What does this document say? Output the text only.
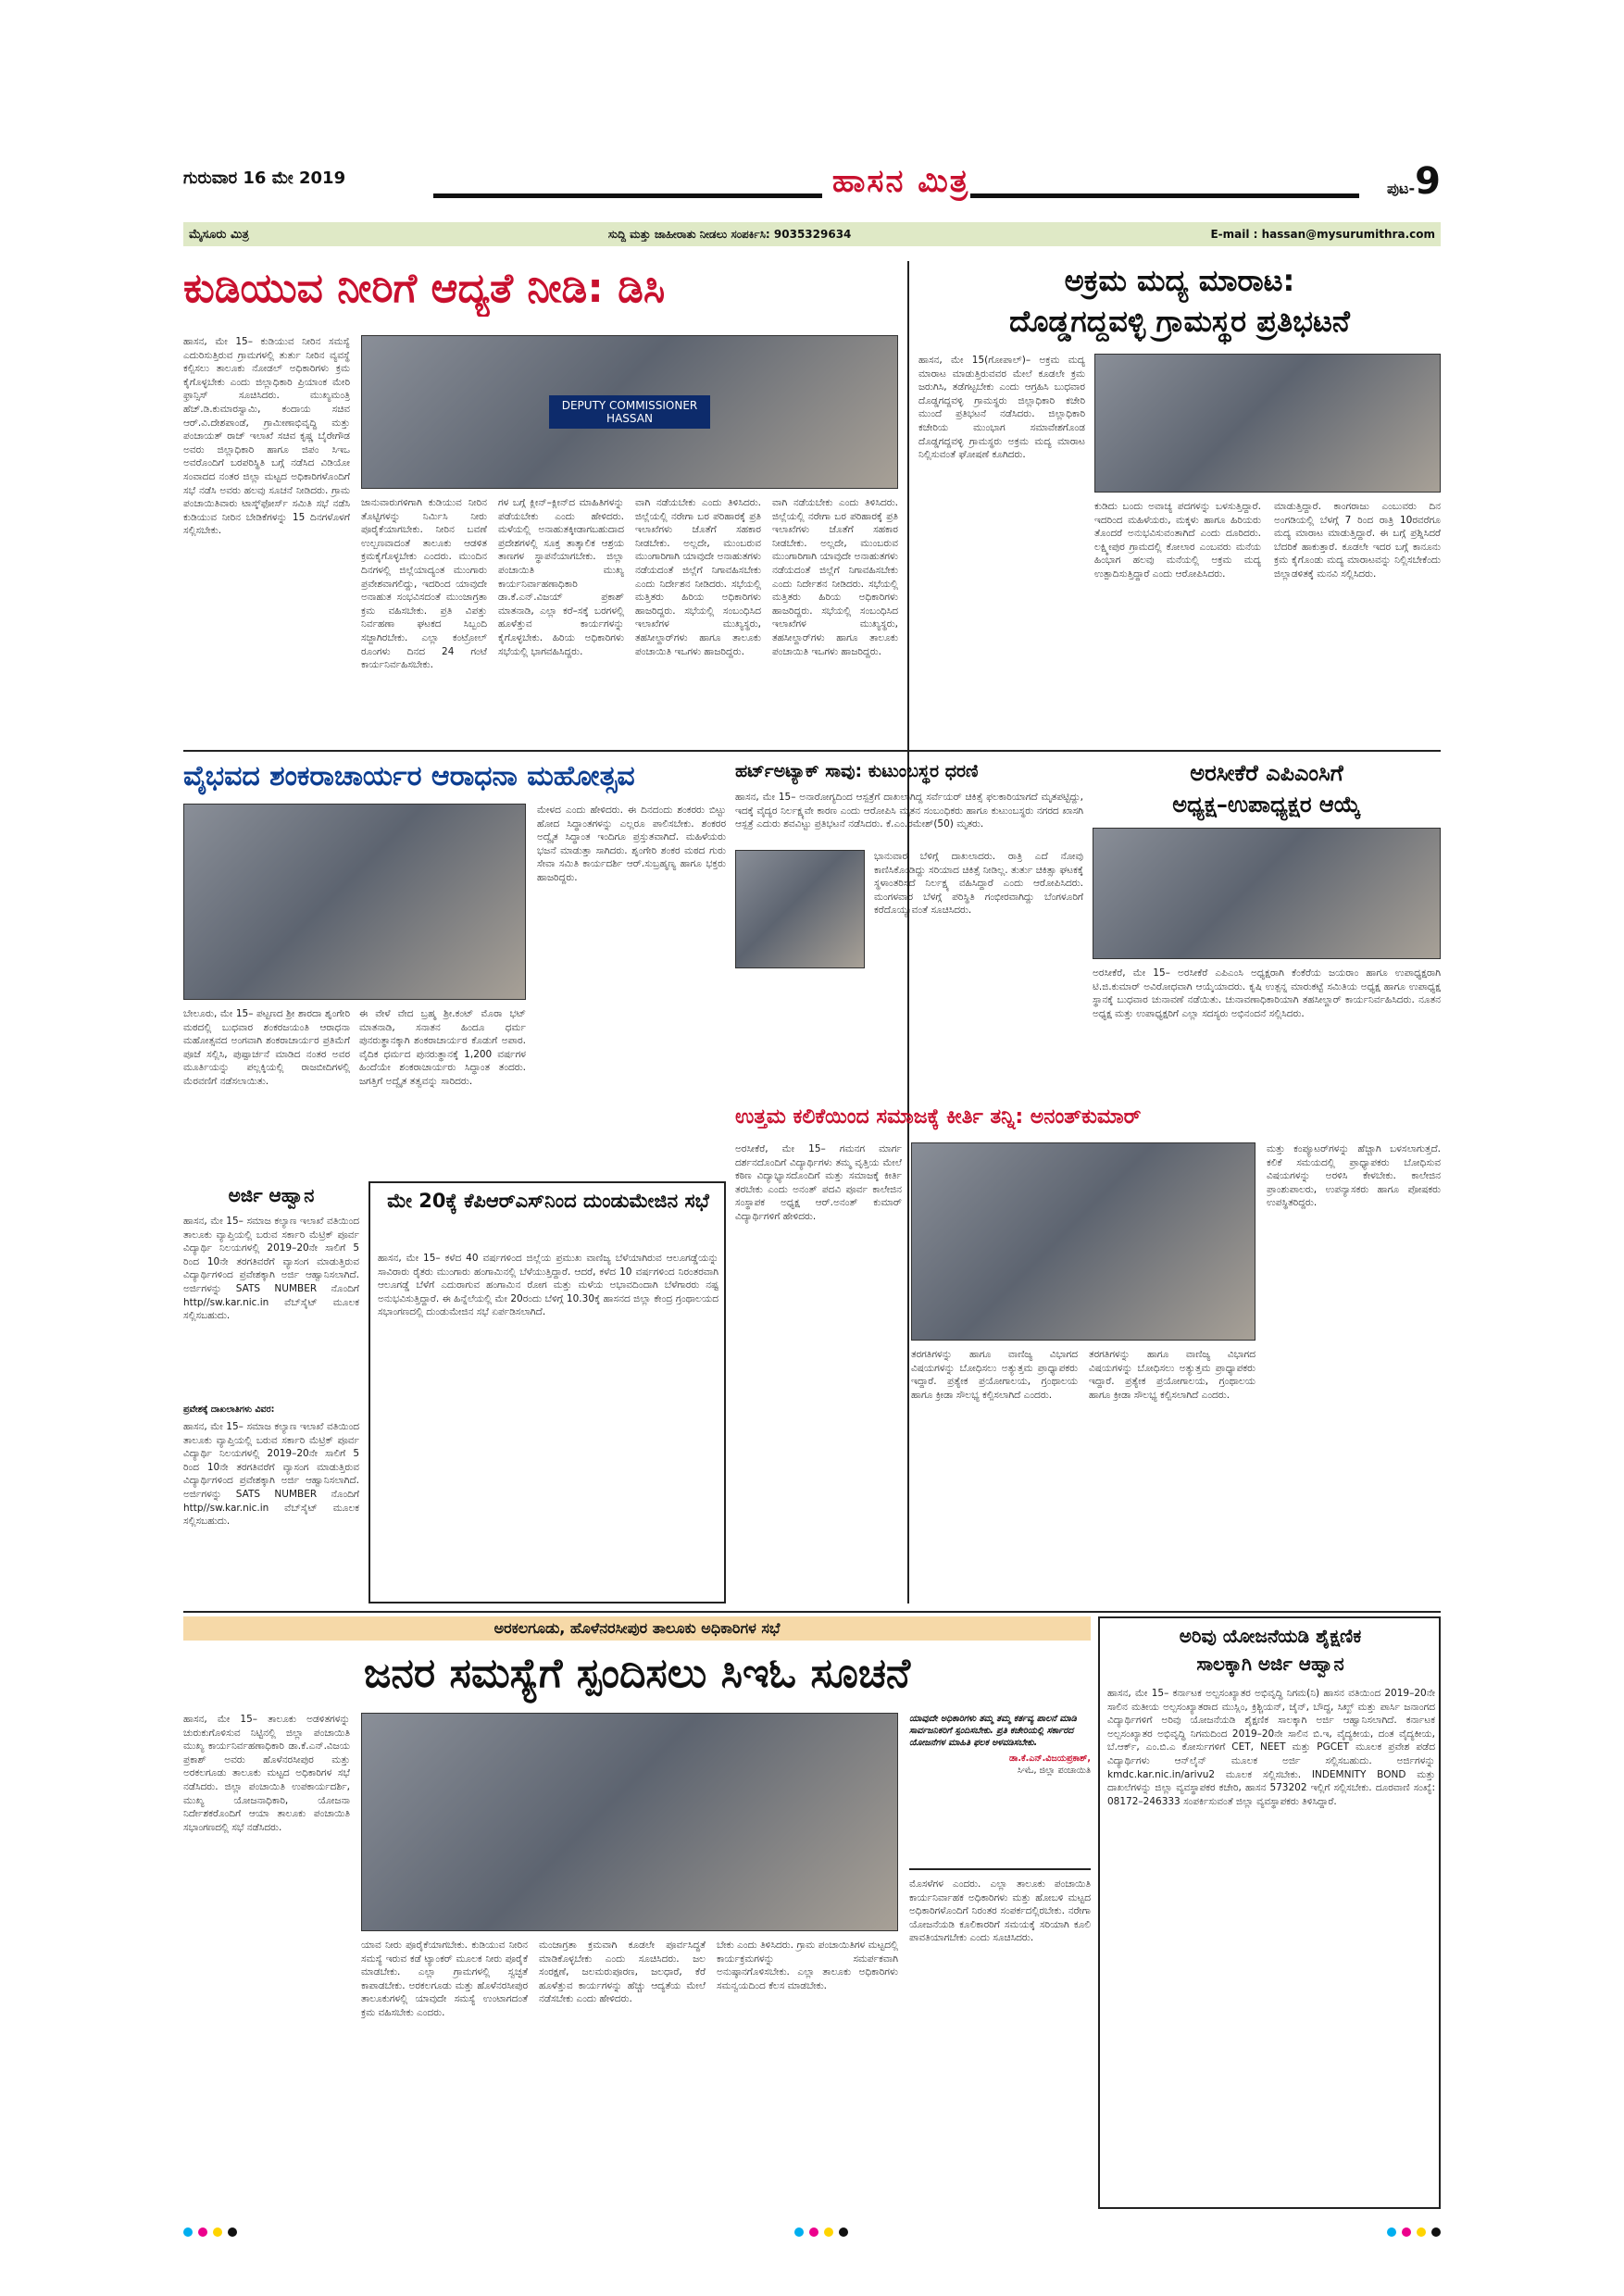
ಗುರುವಾರ 16 ಮೇ 2019	ಹಾಸನ ಮಿತ್ರ	ಪುಟ-9
ಮೈಸೂರು ಮಿತ್ರ	ಸುದ್ದಿ ಮತ್ತು ಜಾಹೀರಾತು ನೀಡಲು ಸಂಪರ್ಕಿಸಿ: 9035329634	E-mail : hassan@mysurumithra.com
ಕುಡಿಯುವ ನೀರಿಗೆ ಆದ್ಯತೆ ನೀಡಿ: ಡಿಸಿ
ಹಾಸನ, ಮೇ 15– ಕುಡಿಯುವ ನೀರಿನ ಸಮಸ್ಯೆ ಎದುರಿಸುತ್ತಿರುವ ಗ್ರಾಮಗಳಲ್ಲಿ ತುರ್ತು ನೀರಿನ ವ್ಯವಸ್ಥೆ ಕಲ್ಪಿಸಲು ತಾಲೂಕು ನೋಡಲ್ ಅಧಿಕಾರಿಗಳು ಕ್ರಮ ಕೈಗೊಳ್ಳಬೇಕು ಎಂದು ಜಿಲ್ಲಾಧಿಕಾರಿ ಪ್ರಿಯಾಂಕ ಮೇರಿ ಫ್ರಾನ್ಸಿಸ್ ಸೂಚಿಸಿದರು. ಮುಖ್ಯಮಂತ್ರಿ ಹೆಚ್.ಡಿ.ಕುಮಾರಸ್ವಾಮಿ, ಕಂದಾಯ ಸಚಿವ ಆರ್.ವಿ.ದೇಶಪಾಂಡೆ, ಗ್ರಾಮೀಣಾಭಿವೃದ್ಧಿ ಮತ್ತು ಪಂಚಾಯತ್ ರಾಜ್ ಇಲಾಖೆ ಸಚಿವ ಕೃಷ್ಣ ಬೈರೇಗೌಡ ಅವರು ಜಿಲ್ಲಾಧಿಕಾರಿ ಹಾಗೂ ಜಿಪಂ ಸಿಇಒ ಅವರೊಂದಿಗೆ ಬರಪರಿಸ್ಥಿತಿ ಬಗ್ಗೆ ನಡೆಸಿದ ವಿಡಿಯೋ ಸಂವಾದದ ನಂತರ ಜಿಲ್ಲಾ ಮಟ್ಟದ ಅಧಿಕಾರಿಗಳೊಂದಿಗೆ ಸಭೆ ನಡೆಸಿ ಅವರು ಹಲವು ಸೂಚನೆ ನೀಡಿದರು. ಗ್ರಾಮ ಪಂಚಾಯಿತಿವಾರು ಟಾಸ್ಕ್‌ಫೋರ್ಸ್ ಸಮಿತಿ ಸಭೆ ನಡೆಸಿ ಕುಡಿಯುವ ನೀರಿನ ಬೇಡಿಕೆಗಳನ್ನು 15 ದಿನಗಳೊಳಗೆ ಸಲ್ಲಿಸಬೇಕು.
DEPUTY COMMISSIONER
HASSAN
ಜಾನುವಾರುಗಳಿಗಾಗಿ ಕುಡಿಯುವ ನೀರಿನ ತೊಟ್ಟಿಗಳನ್ನು ನಿರ್ಮಿಸಿ ನೀರು ಪೂರೈಕೆಯಾಗಬೇಕು. ನೀರಿನ ಬವಣೆ ಉಲ್ಬಣವಾದಂತೆ ತಾಲೂಕು ಆಡಳಿತ ಕ್ರಮಕೈಗೊಳ್ಳಬೇಕು ಎಂದರು. ಮುಂದಿನ ದಿನಗಳಲ್ಲಿ ಜಿಲ್ಲೆಯಾದ್ಯಂತ ಮುಂಗಾರು ಪ್ರವೇಶವಾಗಲಿದ್ದು, ಇದರಿಂದ ಯಾವುದೇ ಅನಾಹುತ ಸಂಭವಿಸದಂತೆ ಮುಂಜಾಗ್ರತಾ ಕ್ರಮ ವಹಿಸಬೇಕು. ಪ್ರತಿ ವಿಪತ್ತು ನಿರ್ವಹಣಾ ಘಟಕದ ಸಿಬ್ಬಂದಿ ಸಜ್ಜಾಗಿರಬೇಕು. ಎಲ್ಲಾ ಕಂಟ್ರೋಲ್ ರೂಂಗಳು ದಿನದ 24 ಗಂಟೆ ಕಾರ್ಯನಿರ್ವಹಿಸಬೇಕು.
ಗಳ ಬಗ್ಗೆ ಕ್ಲೀನ್–ಕ್ಲೀನ್‌ದ ಮಾಹಿತಿಗಳನ್ನು ಪಡೆಯಬೇಕು ಎಂದು ಹೇಳಿದರು. ಮಳೆಯಲ್ಲಿ ಅನಾಹುತಕ್ಕೀಡಾಗಬಹುದಾದ ಪ್ರದೇಶಗಳಲ್ಲಿ ಸೂಕ್ತ ತಾತ್ಕಾಲಿಕ ಆಶ್ರಯ ತಾಣಗಳ ಸ್ಥಾಪನೆಯಾಗಬೇಕು. ಜಿಲ್ಲಾ ಪಂಚಾಯಿತಿ ಮುಖ್ಯ ಕಾರ್ಯನಿರ್ವಾಹಣಾಧಿಕಾರಿ ಡಾ.ಕೆ.ಎನ್.ವಿಜಯ್ ಪ್ರಕಾಶ್ ಮಾತನಾಡಿ, ಎಲ್ಲಾ ಕರೆ–ಸಕ್ಕೆ ಬರಗಳಲ್ಲಿ ಹೂಳೆತ್ತುವ ಕಾರ್ಯಗಳನ್ನು ಕೈಗೊಳ್ಳಬೇಕು. ಹಿರಿಯ ಅಧಿಕಾರಿಗಳು ಸಭೆಯಲ್ಲಿ ಭಾಗವಹಿಸಿದ್ದರು.
ವಾಗಿ ನಡೆಯಬೇಕು ಎಂದು ತಿಳಿಸಿದರು. ಜಿಲ್ಲೆಯಲ್ಲಿ ನರೇಗಾ ಬರ ಪರಿಹಾರಕ್ಕೆ ಪ್ರತಿ ಇಲಾಖೆಗಳು ಜೊತೆಗೆ ಸಹಕಾರ ನೀಡಬೇಕು. ಅಲ್ಲದೇ, ಮುಂಬರುವ ಮುಂಗಾರಿಗಾಗಿ ಯಾವುದೇ ಅನಾಹುತಗಳು ನಡೆಯದಂತೆ ಜಿಲ್ಲೆಗೆ ನಿಗಾವಹಿಸಬೇಕು ಎಂದು ನಿರ್ದೇಶನ ನೀಡಿದರು. ಸಭೆಯಲ್ಲಿ ಮತ್ತಿತರು ಹಿರಿಯ ಅಧಿಕಾರಿಗಳು ಹಾಜರಿದ್ದರು. ಸಭೆಯಲ್ಲಿ ಸಂಬಂಧಿಸಿದ ಇಲಾಖೆಗಳ ಮುಖ್ಯಸ್ಥರು, ತಹಸೀಲ್ದಾರ್‌ಗಳು ಹಾಗೂ ತಾಲೂಕು ಪಂಚಾಯಿತಿ ಇಒಗಳು ಹಾಜರಿದ್ದರು.
ವಾಗಿ ನಡೆಯಬೇಕು ಎಂದು ತಿಳಿಸಿದರು. ಜಿಲ್ಲೆಯಲ್ಲಿ ನರೇಗಾ ಬರ ಪರಿಹಾರಕ್ಕೆ ಪ್ರತಿ ಇಲಾಖೆಗಳು ಜೊತೆಗೆ ಸಹಕಾರ ನೀಡಬೇಕು. ಅಲ್ಲದೇ, ಮುಂಬರುವ ಮುಂಗಾರಿಗಾಗಿ ಯಾವುದೇ ಅನಾಹುತಗಳು ನಡೆಯದಂತೆ ಜಿಲ್ಲೆಗೆ ನಿಗಾವಹಿಸಬೇಕು ಎಂದು ನಿರ್ದೇಶನ ನೀಡಿದರು. ಸಭೆಯಲ್ಲಿ ಮತ್ತಿತರು ಹಿರಿಯ ಅಧಿಕಾರಿಗಳು ಹಾಜರಿದ್ದರು. ಸಭೆಯಲ್ಲಿ ಸಂಬಂಧಿಸಿದ ಇಲಾಖೆಗಳ ಮುಖ್ಯಸ್ಥರು, ತಹಸೀಲ್ದಾರ್‌ಗಳು ಹಾಗೂ ತಾಲೂಕು ಪಂಚಾಯಿತಿ ಇಒಗಳು ಹಾಜರಿದ್ದರು.
ಅಕ್ರಮ ಮದ್ಯ ಮಾರಾಟ:
ದೊಡ್ಡಗದ್ದವಳ್ಳಿ ಗ್ರಾಮಸ್ಥರ ಪ್ರತಿಭಟನೆ
ಹಾಸನ, ಮೇ 15(ಗೋಪಾಲ್)– ಅಕ್ರಮ ಮದ್ಯ ಮಾರಾಟ ಮಾಡುತ್ತಿರುವವರ ಮೇಲೆ ಕೂಡಲೇ ಕ್ರಮ ಜರುಗಿಸಿ, ತಡೆಗಟ್ಟಬೇಕು ಎಂದು ಆಗ್ರಹಿಸಿ ಬುಧವಾರ ದೊಡ್ಡಗದ್ದವಳ್ಳಿ ಗ್ರಾಮಸ್ಥರು ಜಿಲ್ಲಾಧಿಕಾರಿ ಕಚೇರಿ ಮುಂದೆ ಪ್ರತಿಭಟನೆ ನಡೆಸಿದರು. ಜಿಲ್ಲಾಧಿಕಾರಿ ಕಚೇರಿಯ ಮುಂಭಾಗ ಸಮಾವೇಶಗೊಂಡ ದೊಡ್ಡಗದ್ದವಳ್ಳಿ ಗ್ರಾಮಸ್ಥರು ಅಕ್ರಮ ಮದ್ಯ ಮಾರಾಟ ನಿಲ್ಲಿಸುವಂತೆ ಘೋಷಣೆ ಕೂಗಿದರು.
ಕುಡಿದು ಬಂದು ಅವಾಚ್ಯ ಪದಗಳನ್ನು ಬಳಸುತ್ತಿದ್ದಾರೆ. ಇದರಿಂದ ಮಹಿಳೆಯರು, ಮಕ್ಕಳು ಹಾಗೂ ಹಿರಿಯರು ತೊಂದರೆ ಅನುಭವಿಸುವಂತಾಗಿದೆ ಎಂದು ದೂರಿದರು. ಲಕ್ಷ್ಮೀಪುರ ಗ್ರಾಮದಲ್ಲಿ ಕೋಲಾರ ಎಂಬವರು ಮನೆಯ ಹಿಂಭಾಗ ಹಲವು ಮನೆಯಲ್ಲಿ ಅಕ್ರಮ ಮದ್ಯ ಉತ್ಪಾದಿಸುತ್ತಿದ್ದಾರೆ ಎಂದು ಆರೋಪಿಸಿದರು.
ಮಾಡುತ್ತಿದ್ದಾರೆ. ಕಾಂಗರಾಜು ಎಂಬುವರು ದಿನ ಅಂಗಡಿಯಲ್ಲಿ ಬೆಳಗ್ಗೆ 7 ರಿಂದ ರಾತ್ರಿ 10ರವರೆಗೂ ಮದ್ಯ ಮಾರಾಟ ಮಾಡುತ್ತಿದ್ದಾರೆ. ಈ ಬಗ್ಗೆ ಪ್ರಶ್ನಿಸಿದರೆ ಬೆದರಿಕೆ ಹಾಕುತ್ತಾರೆ. ಕೂಡಲೇ ಇದರ ಬಗ್ಗೆ ಕಾನೂನು ಕ್ರಮ ಕೈಗೊಂಡು ಮದ್ಯ ಮಾರಾಟವನ್ನು ನಿಲ್ಲಿಸಬೇಕೆಂದು ಜಿಲ್ಲಾಡಳಿತಕ್ಕೆ ಮನವಿ ಸಲ್ಲಿಸಿದರು.
ವೈಭವದ ಶಂಕರಾಚಾರ್ಯರ ಆರಾಧನಾ ಮಹೋತ್ಸವ
ಬೇಲೂರು, ಮೇ 15– ಪಟ್ಟಣದ ಶ್ರೀ ಶಾರದಾ ಶೃಂಗೇರಿ ಮಠದಲ್ಲಿ ಬುಧವಾರ ಶಂಕರಜಯಂತಿ ಆರಾಧನಾ ಮಹೋತ್ಸವದ ಅಂಗವಾಗಿ ಶಂಕರಾಚಾರ್ಯರ ಪ್ರತಿಮೆಗೆ ಪೂಜೆ ಸಲ್ಲಿಸಿ, ಪುಷ್ಪಾರ್ಚನೆ ಮಾಡಿದ ನಂತರ ಅವರ ಮೂರ್ತಿಯನ್ನು ಪಲ್ಲಕ್ಕಿಯಲ್ಲಿ ರಾಜಬೀದಿಗಳಲ್ಲಿ ಮೆರವಣಿಗೆ ನಡೆಸಲಾಯಿತು.
ಈ ವೇಳೆ ವೇದ ಬ್ರಹ್ಮ ಶ್ರೀ.ಕಂಟ್ ಮೊರಾ ಭಟ್ ಮಾತನಾಡಿ, ಸನಾತನ ಹಿಂದೂ ಧರ್ಮ ಪುನರುತ್ಥಾನಕ್ಕಾಗಿ ಶಂಕರಾಚಾರ್ಯರ ಕೊಡುಗೆ ಅಪಾರ. ವೈದಿಕ ಧರ್ಮದ ಪುನರುತ್ಥಾನಕ್ಕೆ 1,200 ವರ್ಷಗಳ ಹಿಂದೆಯೇ ಶಂಕರಾಚಾರ್ಯರು ಸಿದ್ಧಾಂತ ತಂದರು. ಜಗತ್ತಿಗೆ ಅದ್ವೈತ ತತ್ವವನ್ನು ಸಾರಿದರು.
ಮೇಳದ ಎಂದು ಹೇಳಿದರು. ಈ ದಿನದಂದು ಶಂಕರರು ಬಿಟ್ಟು ಹೋದ ಸಿದ್ಧಾಂತಗಳನ್ನು ಎಲ್ಲರೂ ಪಾಲಿಸಬೇಕು. ಶಂಕರರ ಅದ್ವೈತ ಸಿದ್ಧಾಂತ ಇಂದಿಗೂ ಪ್ರಸ್ತುತವಾಗಿದೆ. ಮಹಿಳೆಯರು ಭಜನೆ ಮಾಡುತ್ತಾ ಸಾಗಿದರು. ಶೃಂಗೇರಿ ಶಂಕರ ಮಠದ ಗುರು ಸೇವಾ ಸಮಿತಿ ಕಾರ್ಯದರ್ಶಿ ಆರ್.ಸುಬ್ರಹ್ಮಣ್ಯ ಹಾಗೂ ಭಕ್ತರು ಹಾಜರಿದ್ದರು.
ಹರ್ಟ್‌ಅಟ್ಯಾಕ್ ಸಾವು: ಕುಟುಂಬಸ್ಥರ ಧರಣಿ
ಹಾಸನ, ಮೇ 15– ಅನಾರೋಗ್ಯದಿಂದ ಆಸ್ಪತ್ರೆಗೆ ದಾಖಲಾಗಿದ್ದ ಸರ್ವೆಯರ್ ಚಿಕಿತ್ಸೆ ಫಲಕಾರಿಯಾಗದೆ ಮೃತಪಟ್ಟಿದ್ದು, ಇದಕ್ಕೆ ವೈದ್ಯರ ನಿರ್ಲಕ್ಷ್ಯವೇ ಕಾರಣ ಎಂದು ಆರೋಪಿಸಿ ಮೃತನ ಸಂಬಂಧಿಕರು ಹಾಗೂ ಕುಟುಂಬಸ್ಥರು ನಗರದ ಖಾಸಗಿ ಆಸ್ಪತ್ರೆ ಎದುರು ಶವವಿಟ್ಟು ಪ್ರತಿಭಟನೆ ನಡೆಸಿದರು. ಕೆ.ಎಂ.ರಮೇಶ್(50) ಮೃತರು.
ಭಾನುವಾರ ಬೆಳಿಗ್ಗೆ ದಾಖಲಾದರು. ರಾತ್ರಿ ಎದೆ ನೋವು ಕಾಣಿಸಿಕೊಂಡಿದ್ದು ಸರಿಯಾದ ಚಿಕಿತ್ಸೆ ನೀಡಿಲ್ಲ. ತುರ್ತು ಚಿಕಿತ್ಸಾ ಘಟಕಕ್ಕೆ ಸ್ಥಳಾಂತರಿಸದೆ ನಿರ್ಲಕ್ಷ್ಯ ವಹಿಸಿದ್ದಾರೆ ಎಂದು ಆರೋಪಿಸಿದರು. ಮಂಗಳವಾರ ಬೆಳಗ್ಗೆ ಪರಿಸ್ಥಿತಿ ಗಂಭೀರವಾಗಿದ್ದು ಬೆಂಗಳೂರಿಗೆ ಕರೆದೊಯ್ಯುವಂತೆ ಸೂಚಿಸಿದರು.
ಅರಸೀಕೆರೆ ಎಪಿಎಂಸಿಗೆ
ಅಧ್ಯಕ್ಷ–ಉಪಾಧ್ಯಕ್ಷರ ಆಯ್ಕೆ
ಅರಸೀಕೆರೆ, ಮೇ 15– ಅರಸೀಕೆರೆ ಎಪಿಎಂಸಿ ಅಧ್ಯಕ್ಷರಾಗಿ ಕೆಂಕೆರೆಯ ಜಯರಾಂ ಹಾಗೂ ಉಪಾಧ್ಯಕ್ಷರಾಗಿ ಟಿ.ಜಿ.ಕುಮಾರ್ ಅವಿರೋಧವಾಗಿ ಆಯ್ಕೆಯಾದರು. ಕೃಷಿ ಉತ್ಪನ್ನ ಮಾರುಕಟ್ಟೆ ಸಮಿತಿಯ ಅಧ್ಯಕ್ಷ ಹಾಗೂ ಉಪಾಧ್ಯಕ್ಷ ಸ್ಥಾನಕ್ಕೆ ಬುಧವಾರ ಚುನಾವಣೆ ನಡೆಯಿತು. ಚುನಾವಣಾಧಿಕಾರಿಯಾಗಿ ತಹಸೀಲ್ದಾರ್ ಕಾರ್ಯನಿರ್ವಹಿಸಿದರು. ನೂತನ ಅಧ್ಯಕ್ಷ ಮತ್ತು ಉಪಾಧ್ಯಕ್ಷರಿಗೆ ಎಲ್ಲಾ ಸದಸ್ಯರು ಅಭಿನಂದನೆ ಸಲ್ಲಿಸಿದರು.
ಉತ್ತಮ ಕಲಿಕೆಯಿಂದ ಸಮಾಜಕ್ಕೆ ಕೀರ್ತಿ ತನ್ನಿ: ಅನಂತ್‌ಕುಮಾರ್
ಅರಸೀಕೆರೆ, ಮೇ 15– ಗಮನಗ ಮಾರ್ಗ ದರ್ಶನದೊಂದಿಗೆ ವಿದ್ಯಾರ್ಥಿಗಳು ತಮ್ಮ ವೃತ್ತಿಯ ಮೇಲೆ ಕಠಿಣ ವಿದ್ಯಾಭ್ಯಾಸದೊಂದಿಗೆ ಮತ್ತು ಸಮಾಜಕ್ಕೆ ಕೀರ್ತಿ ತರಬೇಕು ಎಂದು ಅನಂತ್ ಪದವಿ ಪೂರ್ವ ಕಾಲೇಜಿನ ಸಂಸ್ಥಾಪಕ ಅಧ್ಯಕ್ಷ ಆರ್.ಅನಂತ್ ಕುಮಾರ್ ವಿದ್ಯಾರ್ಥಿಗಳಿಗೆ ಹೇಳಿದರು.
ತರಗತಿಗಳನ್ನು ಹಾಗೂ ವಾಣಿಜ್ಯ ವಿಭಾಗದ ವಿಷಯಗಳನ್ನು ಬೋಧಿಸಲು ಅತ್ಯುತ್ತಮ ಪ್ರಾಧ್ಯಾಪಕರು ಇದ್ದಾರೆ. ಪ್ರತ್ಯೇಕ ಪ್ರಯೋಗಾಲಯ, ಗ್ರಂಥಾಲಯ ಹಾಗೂ ಕ್ರೀಡಾ ಸೌಲಭ್ಯ ಕಲ್ಪಿಸಲಾಗಿದೆ ಎಂದರು.
ತರಗತಿಗಳನ್ನು ಹಾಗೂ ವಾಣಿಜ್ಯ ವಿಭಾಗದ ವಿಷಯಗಳನ್ನು ಬೋಧಿಸಲು ಅತ್ಯುತ್ತಮ ಪ್ರಾಧ್ಯಾಪಕರು ಇದ್ದಾರೆ. ಪ್ರತ್ಯೇಕ ಪ್ರಯೋಗಾಲಯ, ಗ್ರಂಥಾಲಯ ಹಾಗೂ ಕ್ರೀಡಾ ಸೌಲಭ್ಯ ಕಲ್ಪಿಸಲಾಗಿದೆ ಎಂದರು.
ಮತ್ತು ಕಂಪ್ಯೂಟರ್‌ಗಳನ್ನು ಹೆಚ್ಚಾಗಿ ಬಳಸಲಾಗುತ್ತದೆ. ಕಲಿಕೆ ಸಮಯದಲ್ಲಿ ಪ್ರಾಧ್ಯಾಪಕರು ಬೋಧಿಸುವ ವಿಷಯಗಳನ್ನು ಅರಳಿಸಿ ಕೇಳಬೇಕು. ಕಾಲೇಜಿನ ಪ್ರಾಂಶುಪಾಲರು, ಉಪನ್ಯಾಸಕರು ಹಾಗೂ ಪೋಷಕರು ಉಪಸ್ಥಿತರಿದ್ದರು.
ಅರ್ಜಿ ಆಹ್ವಾನ
ಹಾಸನ, ಮೇ 15– ಸಮಾಜ ಕಲ್ಯಾಣ ಇಲಾಖೆ ವತಿಯಿಂದ ತಾಲೂಕು ವ್ಯಾಪ್ತಿಯಲ್ಲಿ ಬರುವ ಸರ್ಕಾರಿ ಮೆಟ್ರಿಕ್ ಪೂರ್ವ ವಿದ್ಯಾರ್ಥಿ ನಿಲಯಗಳಲ್ಲಿ 2019–20ನೇ ಸಾಲಿಗೆ 5 ರಿಂದ 10ನೇ ತರಗತಿವರೆಗೆ ವ್ಯಾಸಂಗ ಮಾಡುತ್ತಿರುವ ವಿದ್ಯಾರ್ಥಿಗಳಿಂದ ಪ್ರವೇಶಕ್ಕಾಗಿ ಅರ್ಜಿ ಆಹ್ವಾನಿಸಲಾಗಿದೆ. ಅರ್ಜಿಗಳನ್ನು SATS NUMBER ನೊಂದಿಗೆ http//sw.kar.nic.in ವೆಬ್‌ಸೈಟ್ ಮೂಲಕ ಸಲ್ಲಿಸಬಹುದು.
ಪ್ರವೇಶಕ್ಕೆ ದಾಖಲಾತಿಗಳು ವಿವರ:
ಹಾಸನ, ಮೇ 15– ಸಮಾಜ ಕಲ್ಯಾಣ ಇಲಾಖೆ ವತಿಯಿಂದ ತಾಲೂಕು ವ್ಯಾಪ್ತಿಯಲ್ಲಿ ಬರುವ ಸರ್ಕಾರಿ ಮೆಟ್ರಿಕ್ ಪೂರ್ವ ವಿದ್ಯಾರ್ಥಿ ನಿಲಯಗಳಲ್ಲಿ 2019–20ನೇ ಸಾಲಿಗೆ 5 ರಿಂದ 10ನೇ ತರಗತಿವರೆಗೆ ವ್ಯಾಸಂಗ ಮಾಡುತ್ತಿರುವ ವಿದ್ಯಾರ್ಥಿಗಳಿಂದ ಪ್ರವೇಶಕ್ಕಾಗಿ ಅರ್ಜಿ ಆಹ್ವಾನಿಸಲಾಗಿದೆ. ಅರ್ಜಿಗಳನ್ನು SATS NUMBER ನೊಂದಿಗೆ http//sw.kar.nic.in ವೆಬ್‌ಸೈಟ್ ಮೂಲಕ ಸಲ್ಲಿಸಬಹುದು.
ಮೇ 20ಕ್ಕೆ ಕೆಪಿಆರ್‌ಎಸ್‌ನಿಂದ ದುಂಡುಮೇಜಿನ ಸಭೆ
ಹಾಸನ, ಮೇ 15– ಕಳೆದ 40 ವರ್ಷಗಳಿಂದ ಜಿಲ್ಲೆಯ ಪ್ರಮುಖ ವಾಣಿಜ್ಯ ಬೆಳೆಯಾಗಿರುವ ಆಲೂಗಡ್ಡೆಯನ್ನು ಸಾವಿರಾರು ರೈತರು ಮುಂಗಾರು ಹಂಗಾಮಿನಲ್ಲಿ ಬೆಳೆಯುತ್ತಿದ್ದಾರೆ. ಆದರೆ, ಕಳೆದ 10 ವರ್ಷಗಳಿಂದ ನಿರಂತರವಾಗಿ ಆಲೂಗಡ್ಡೆ ಬೆಳೆಗೆ ಎದುರಾಗುವ ಹಂಗಾಮಿನ ರೋಗ ಮತ್ತು ಮಳೆಯ ಅಭಾವದಿಂದಾಗಿ ಬೆಳೆಗಾರರು ನಷ್ಟ ಅನುಭವಿಸುತ್ತಿದ್ದಾರೆ. ಈ ಹಿನ್ನೆಲೆಯಲ್ಲಿ ಮೇ 20ರಂದು ಬೆಳಿಗ್ಗೆ 10.30ಕ್ಕೆ ಹಾಸನದ ಜಿಲ್ಲಾ ಕೇಂದ್ರ ಗ್ರಂಥಾಲಯದ ಸಭಾಂಗಣದಲ್ಲಿ ದುಂಡುಮೇಜಿನ ಸಭೆ ಏರ್ಪಡಿಸಲಾಗಿದೆ.
ಅರಕಲಗೂಡು, ಹೊಳೆನರಸೀಪುರ ತಾಲೂಕು ಅಧಿಕಾರಿಗಳ ಸಭೆ
ಜನರ ಸಮಸ್ಯೆಗೆ ಸ್ಪಂದಿಸಲು ಸಿಇಓ ಸೂಚನೆ
ಹಾಸನ, ಮೇ 15– ತಾಲೂಕು ಅಡಳಿತಗಳನ್ನು ಚುರುಕುಗೊಳಿಸುವ ನಿಟ್ಟಿನಲ್ಲಿ ಜಿಲ್ಲಾ ಪಂಚಾಯಿತಿ ಮುಖ್ಯ ಕಾರ್ಯನಿರ್ವಹಣಾಧಿಕಾರಿ ಡಾ.ಕೆ.ಎನ್.ವಿಜಯ ಪ್ರಕಾಶ್ ಅವರು ಹೊಳೆನರಸೀಪುರ ಮತ್ತು ಅರಕಲಗೂಡು ತಾಲೂಕು ಮಟ್ಟದ ಅಧಿಕಾರಿಗಳ ಸಭೆ ನಡೆಸಿದರು. ಜಿಲ್ಲಾ ಪಂಚಾಯಿತಿ ಉಪಕಾರ್ಯದರ್ಶಿ, ಮುಖ್ಯ ಯೋಜನಾಧಿಕಾರಿ, ಯೋಜನಾ ನಿರ್ದೇಶಕರೊಂದಿಗೆ ಆಯಾ ತಾಲೂಕು ಪಂಚಾಯಿತಿ ಸಭಾಂಗಣದಲ್ಲಿ ಸಭೆ ನಡೆಸಿದರು.
ಯಾವ ನೀರು ಪೂರೈಕೆಯಾಗಬೇಕು. ಕುಡಿಯುವ ನೀರಿನ ಸಮಸ್ಯೆ ಇರುವ ಕಡೆ ಟ್ಯಾಂಕರ್ ಮೂಲಕ ನೀರು ಪೂರೈಕೆ ಮಾಡಬೇಕು. ಎಲ್ಲಾ ಗ್ರಾಮಗಳಲ್ಲಿ ಸ್ವಚ್ಛತೆ ಕಾಪಾಡಬೇಕು. ಅರಕಲಗೂಡು ಮತ್ತು ಹೊಳೆನರಸೀಪುರ ತಾಲೂಕುಗಳಲ್ಲಿ ಯಾವುದೇ ಸಮಸ್ಯೆ ಉಂಟಾಗದಂತೆ ಕ್ರಮ ವಹಿಸಬೇಕು ಎಂದರು.
ಮಂಜಾಗ್ರತಾ ಕ್ರಮವಾಗಿ ಕೂಡಲೇ ಪೂರ್ವಸಿದ್ಧತೆ ಮಾಡಿಕೊಳ್ಳಬೇಕು ಎಂದು ಸೂಚಿಸಿದರು. ಜಲ ಸಂರಕ್ಷಣೆ, ಜಲಮರುಪೂರಣ, ಜಲಧಾರೆ, ಕೆರೆ ಹೂಳೆತ್ತುವ ಕಾರ್ಯಗಳನ್ನು ಹೆಚ್ಚು ಆದ್ಯತೆಯ ಮೇಲೆ ನಡೆಸಬೇಕು ಎಂದು ಹೇಳಿದರು.
ಬೇಕು ಎಂದು ತಿಳಿಸಿದರು. ಗ್ರಾಮ ಪಂಚಾಯಿತಿಗಳ ಮಟ್ಟದಲ್ಲಿ ಕಾರ್ಯಕ್ರಮಗಳನ್ನು ಸಮರ್ಪಕವಾಗಿ ಅನುಷ್ಠಾನಗೊಳಿಸಬೇಕು. ಎಲ್ಲಾ ತಾಲೂಕು ಅಧಿಕಾರಿಗಳು ಸಮನ್ವಯದಿಂದ ಕೆಲಸ ಮಾಡಬೇಕು.
ಯಾವುದೇ ಅಧಿಕಾರಿಗಳು ತಮ್ಮ ತಮ್ಮ ಕರ್ತವ್ಯ ಪಾಲನೆ ಮಾಡಿ ಸಾರ್ವಜನಿಕರಿಗೆ ಸ್ಪಂದಿಸಬೇಕು. ಪ್ರತಿ ಕಚೇರಿಯಲ್ಲಿ ಸರ್ಕಾರದ ಯೋಜನೆಗಳ ಮಾಹಿತಿ ಫಲಕ ಅಳವಡಿಸಬೇಕು.
ಡಾ.ಕೆ.ಎನ್.ವಿಜಯಪ್ರಕಾಶ್,
ಸಿಇಓ, ಜಿಲ್ಲಾ ಪಂಚಾಯಿತಿ
ಮೊಸಳೆಗಳ ಎಂದರು. ಎಲ್ಲಾ ತಾಲೂಕು ಪಂಚಾಯಿತಿ ಕಾರ್ಯನಿರ್ವಾಹಕ ಅಧಿಕಾರಿಗಳು ಮತ್ತು ಹೋಬಳಿ ಮಟ್ಟದ ಅಧಿಕಾರಿಗಳೊಂದಿಗೆ ನಿರಂತರ ಸಂಪರ್ಕದಲ್ಲಿರಬೇಕು. ನರೇಗಾ ಯೋಜನೆಯಡಿ ಕೂಲಿಕಾರರಿಗೆ ಸಮಯಕ್ಕೆ ಸರಿಯಾಗಿ ಕೂಲಿ ಪಾವತಿಯಾಗಬೇಕು ಎಂದು ಸೂಚಿಸಿದರು.
ಅರಿವು ಯೋಜನೆಯಡಿ ಶೈಕ್ಷಣಿಕ
ಸಾಲಕ್ಕಾಗಿ ಅರ್ಜಿ ಆಹ್ವಾನ
ಹಾಸನ, ಮೇ 15– ಕರ್ನಾಟಕ ಅಲ್ಪಸಂಖ್ಯಾತರ ಅಭಿವೃದ್ಧಿ ನಿಗಮ(ನಿ) ಹಾಸನ ವತಿಯಿಂದ 2019–20ನೇ ಸಾಲಿನ ಮತೀಯ ಅಲ್ಪಸಂಖ್ಯಾತರಾದ ಮುಸ್ಲಿಂ, ಕ್ರಿಶ್ಚಿಯನ್, ಜೈನ್, ಬೌದ್ಧ, ಸಿಖ್ಖ್ ಮತ್ತು ಪಾರ್ಸಿ ಜನಾಂಗದ ವಿದ್ಯಾರ್ಥಿಗಳಿಗೆ ಅರಿವು ಯೋಜನೆಯಡಿ ಶೈಕ್ಷಣಿಕ ಸಾಲಕ್ಕಾಗಿ ಅರ್ಜಿ ಆಹ್ವಾನಿಸಲಾಗಿದೆ. ಕರ್ನಾಟಕ ಅಲ್ಪಸಂಖ್ಯಾತರ ಅಭಿವೃದ್ಧಿ ನಿಗಮದಿಂದ 2019–20ನೇ ಸಾಲಿನ ಬಿ.ಇ, ವೈದ್ಯಕೀಯ, ದಂತ ವೈದ್ಯಕೀಯ, ಬೆ.ಆರ್ಕ್, ಎಂ.ಬಿ.ಎ ಕೋರ್ಸುಗಳಿಗೆ CET, NEET ಮತ್ತು PGCET ಮೂಲಕ ಪ್ರವೇಶ ಪಡೆದ ವಿದ್ಯಾರ್ಥಿಗಳು ಆನ್‌ಲೈನ್ ಮೂಲಕ ಅರ್ಜಿ ಸಲ್ಲಿಸಬಹುದು. ಅರ್ಜಿಗಳನ್ನು kmdc.kar.nic.in/arivu2 ಮೂಲಕ ಸಲ್ಲಿಸಬೇಕು. INDEMNITY BOND ಮತ್ತು ದಾಖಲೆಗಳನ್ನು ಜಿಲ್ಲಾ ವ್ಯವಸ್ಥಾಪಕರ ಕಚೇರಿ, ಹಾಸನ 573202 ಇಲ್ಲಿಗೆ ಸಲ್ಲಿಸಬೇಕು. ದೂರವಾಣಿ ಸಂಖ್ಯೆ: 08172–246333 ಸಂಪರ್ಕಿಸುವಂತೆ ಜಿಲ್ಲಾ ವ್ಯವಸ್ಥಾಪಕರು ತಿಳಿಸಿದ್ದಾರೆ.
